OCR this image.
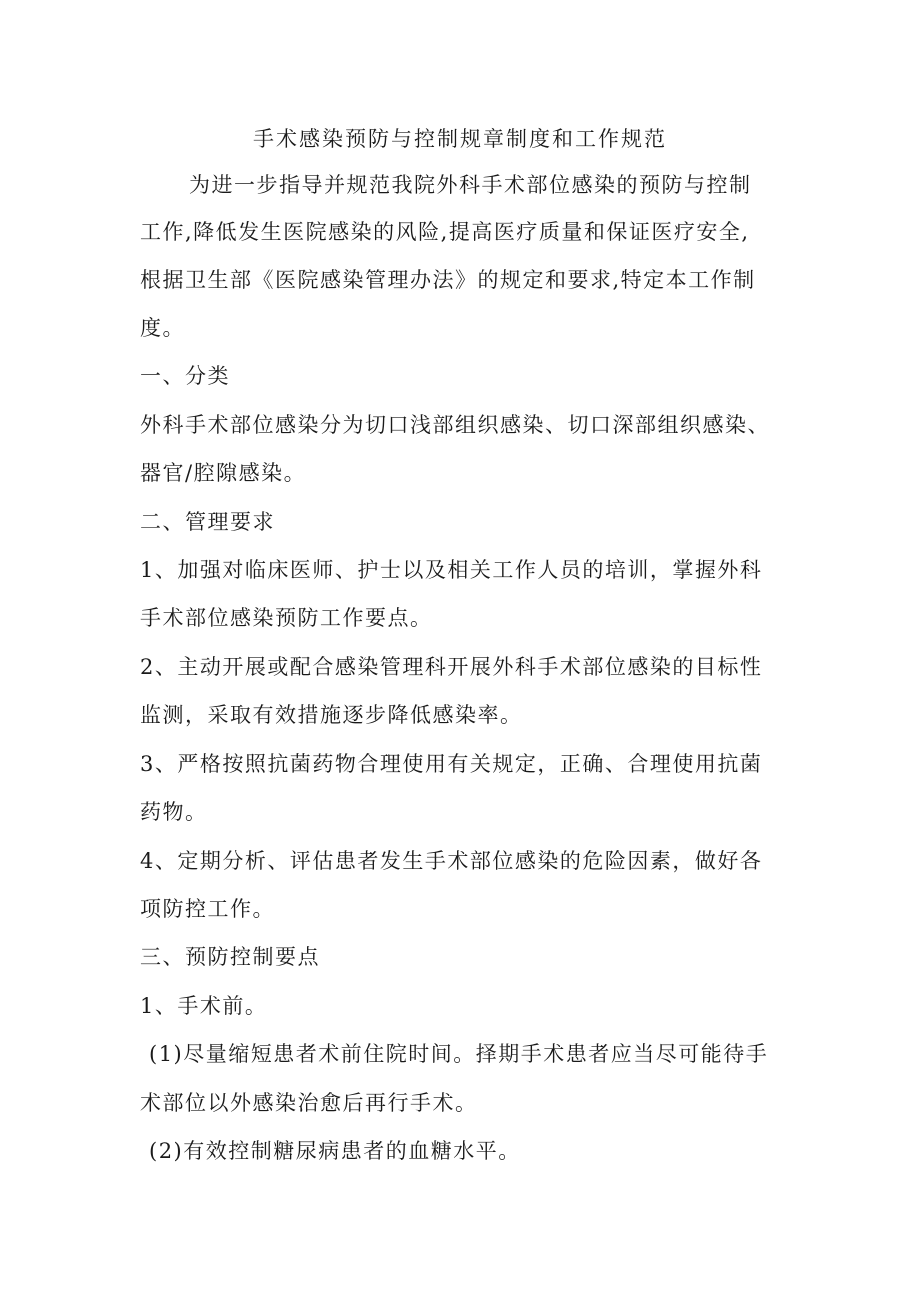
手术感染预防与控制规章制度和工作规范
为进一步指导并规范我院外科手术部位感染的预防与控制
工作,降低发生医院感染的风险,提高医疗质量和保证医疗安全,
根据卫生部《医院感染管理办法》的规定和要求,特定本工作制
度。
一、分类
外科手术部位感染分为切口浅部组织感染、切口深部组织感染、
器官/腔隙感染。
二、管理要求
1、加强对临床医师、护士以及相关工作人员的培训，掌握外科
手术部位感染预防工作要点。
2、主动开展或配合感染管理科开展外科手术部位感染的目标性
监测，采取有效措施逐步降低感染率。
3、严格按照抗菌药物合理使用有关规定，正确、合理使用抗菌
药物。
4、定期分析、评估患者发生手术部位感染的危险因素，做好各
项防控工作。
三、预防控制要点
1、手术前。
(1)尽量缩短患者术前住院时间。择期手术患者应当尽可能待手
术部位以外感染治愈后再行手术。
(2)有效控制糖尿病患者的血糖水平。
